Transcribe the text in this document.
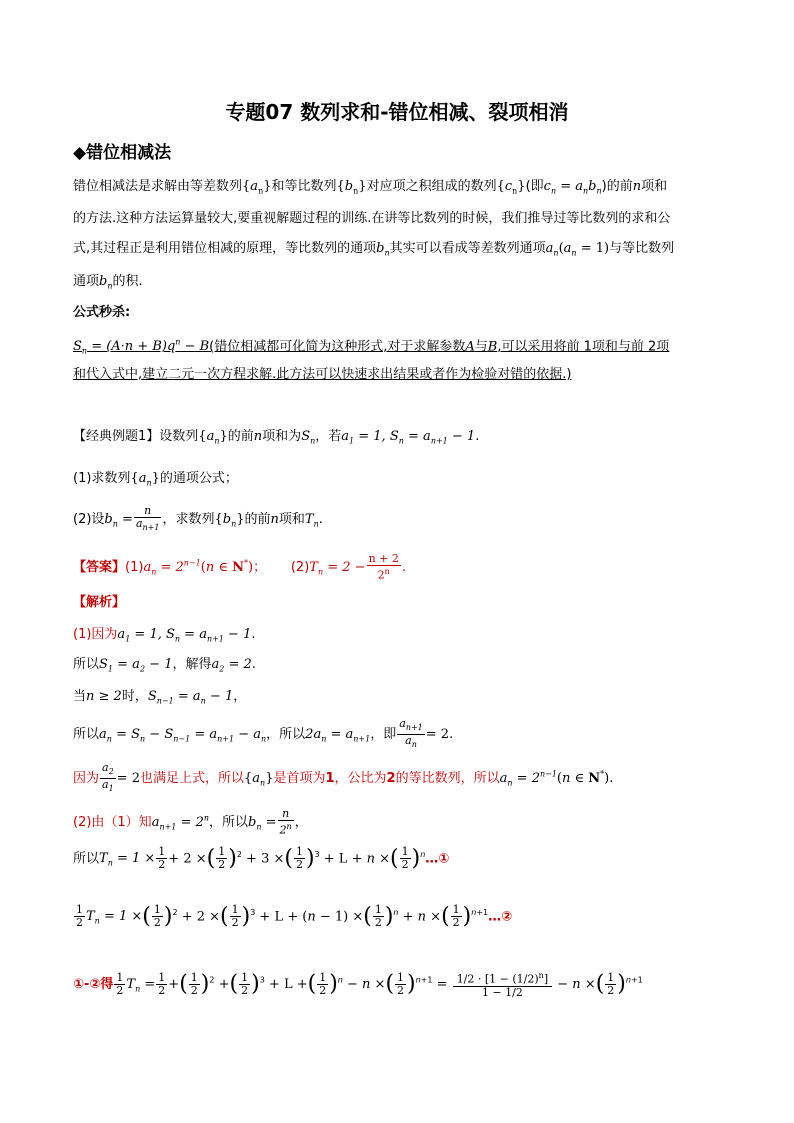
专题07 数列求和-错位相减、裂项相消
◆错位相减法
错位相减法是求解由等差数列$\{a_n\}$和等比数列$\{b_n\}$对应项之积组成的数列$\{c_n\}$(即$c_n = a_nb_n$)的前n项和
的方法.这种方法运算量较大,要重视解题过程的训练.在讲等比数列的时候，我们推导过等比数列的求和公
式,其过程正是利用错位相减的原理，等比数列的通项$b_n$其实可以看成等差数列通项$a_n(a_n = 1)$与等比数列
通项$b_n$的积.
公式秒杀:
$S_n = (A\cdot n + B)q^n - B$(错位相减都可化简为这种形式,对于求解参数A与B,可以采用将前 1项和与前 2项
和代入式中,建立二元一次方程求解.此方法可以快速求出结果或者作为检验对错的依据.)
【经典例题1】设数列$\{a_n\}$的前n项和为$S_n$，若$a_1 = 1$, $S_n = a_{n+1} - 1$.
(1)求数列$\{a_n\}$的通项公式；
(2)设$b_n = \frac{n}{a_{n+1}}$ ，求数列$\{b_n\}$的前n项和$T_n$.
【答案】$(1)a_n = 2^{n-1}(n$ ∈ N*)；      $(2)T_n = 2 - \frac{n + 2}{2^n}$ .
【解析】
(1)因为$a_1 = 1$, $S_n = a_{n+1} - 1$.
所以$S_1 = a_2 - 1$，解得$a_2 = 2$.
当n ≥ 2时，$S_{n-1} = a_n - 1$，
所以$a_n = S_n - S_{n-1} = a_{n+1} - a_n$，所以$2a_n = a_{n+1}$，即 $\frac{a_{n+1}}{a_n} = 2$.
因为 $\frac{a_2}{a_1} = 2$也满足上式，所以$\{a_n\}$是首项为1，公比为2的等比数列，所以$a_n = 2^{n-1}(n$ ∈ N*).
(2)由（1）知$a_{n+1} = 2^n$，所以$b_n = \frac{n}{2^n}$ ，
所以$T_n = 1 \times \frac{1}{2} + 2$ ×( $\frac{1}{2} )^2 + 3$ ×( $\frac{1}{2} )^3 + L + n$ ×( $\frac{1}{2}$ )$^n$…①
$\frac{1}{2} T_n = 1$ ×( $\frac{1}{2} )^2 + 2$ ×( $\frac{1}{2} )^3 + L + (n - 1)$ ×( $\frac{1}{2} )^n + n$ ×( $\frac{1}{2}$ )$^{n+1}$…②
①-②得 $\frac{1}{2} T_n = \frac{1}{2}$ +( $\frac{1}{2} )^2$ +( $\frac{1}{2} )^3 + L$ +( $\frac{1}{2} )^n - n$ ×( $\frac{1}{2} )^{n+1} = \frac{1/2 \cdot [1 - (1/2)^n]}{1 - 1/2} - n$ ×( $\frac{1}{2} )^{n+1}$
